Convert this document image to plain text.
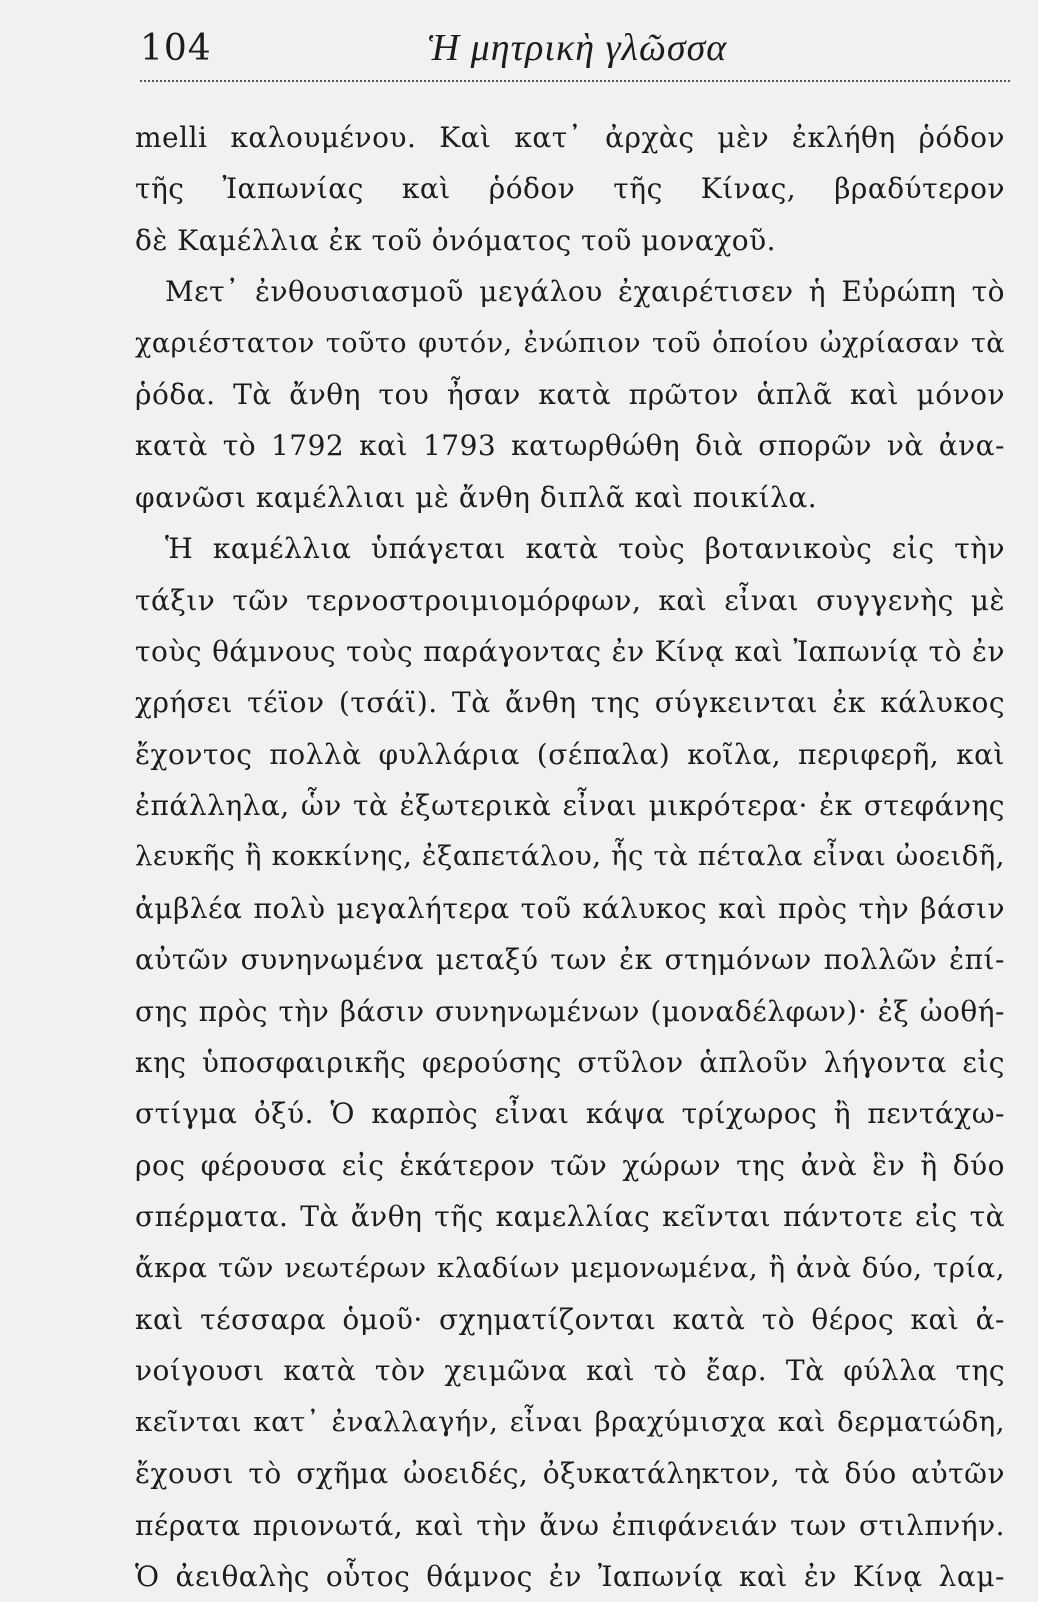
104	Ἡ μητρικὴ γλῶσσα
melli καλουμένου. Καὶ κατ᾽ ἀρχὰς μὲν ἐκλήθη ῥόδον
τῆς Ἰαπωνίας καὶ ῥόδον τῆς Κίνας, βραδύτερον
δὲ Καμέλλια ἐκ τοῦ ὀνόματος τοῦ μοναχοῦ.
Μετ᾽ ἐνθουσιασμοῦ μεγάλου ἐχαιρέτισεν ἡ Εὐρώπη τὸ
χαριέστατον τοῦτο φυτόν, ἐνώπιον τοῦ ὁποίου ὠχρίασαν τὰ
ῥόδα. Τὰ ἄνθη του ἦσαν κατὰ πρῶτον ἁπλᾶ καὶ μόνον
κατὰ τὸ 1792 καὶ 1793 κατωρθώθη διὰ σπορῶν νὰ ἀνα-
φανῶσι καμέλλιαι μὲ ἄνθη διπλᾶ καὶ ποικίλα.
Ἡ καμέλλια ὑπάγεται κατὰ τοὺς βοτανικοὺς εἰς τὴν
τάξιν τῶν τερνοστροιμιομόρφων, καὶ εἶναι συγγενὴς μὲ
τοὺς θάμνους τοὺς παράγοντας ἐν Κίνᾳ καὶ Ἰαπωνίᾳ τὸ ἐν
χρήσει τέϊον (τσάϊ). Τὰ ἄνθη της σύγκεινται ἐκ κάλυκος
ἔχοντος πολλὰ φυλλάρια (σέπαλα) κοῖλα, περιφερῆ, καὶ
ἐπάλληλα, ὧν τὰ ἐξωτερικὰ εἶναι μικρότερα· ἐκ στεφάνης
λευκῆς ἢ κοκκίνης, ἐξαπετάλου, ἧς τὰ πέταλα εἶναι ὠοειδῆ,
ἀμβλέα πολὺ μεγαλήτερα τοῦ κάλυκος καὶ πρὸς τὴν βάσιν
αὐτῶν συνηνωμένα μεταξύ των ἐκ στημόνων πολλῶν ἐπί-
σης πρὸς τὴν βάσιν συνηνωμένων (μοναδέλφων)· ἐξ ὠοθή-
κης ὑποσφαιρικῆς φερούσης στῦλον ἁπλοῦν λήγοντα εἰς
στίγμα ὀξύ. Ὁ καρπὸς εἶναι κάψα τρίχωρος ἢ πεντάχω-
ρος φέρουσα εἰς ἑκάτερον τῶν χώρων της ἀνὰ ἓν ἢ δύο
σπέρματα. Τὰ ἄνθη τῆς καμελλίας κεῖνται πάντοτε εἰς τὰ
ἄκρα τῶν νεωτέρων κλαδίων μεμονωμένα, ἢ ἀνὰ δύο, τρία,
καὶ τέσσαρα ὁμοῦ· σχηματίζονται κατὰ τὸ θέρος καὶ ἀ-
νοίγουσι κατὰ τὸν χειμῶνα καὶ τὸ ἔαρ. Τὰ φύλλα της
κεῖνται κατ᾽ ἐναλλαγήν, εἶναι βραχύμισχα καὶ δερματώδη,
ἔχουσι τὸ σχῆμα ὠοειδές, ὀξυκατάληκτον, τὰ δύο αὐτῶν
πέρατα πριονωτά, καὶ τὴν ἄνω ἐπιφάνειάν των στιλπνήν.
Ὁ ἀειθαλὴς οὗτος θάμνος ἐν Ἰαπωνίᾳ καὶ ἐν Κίνᾳ λαμ-
